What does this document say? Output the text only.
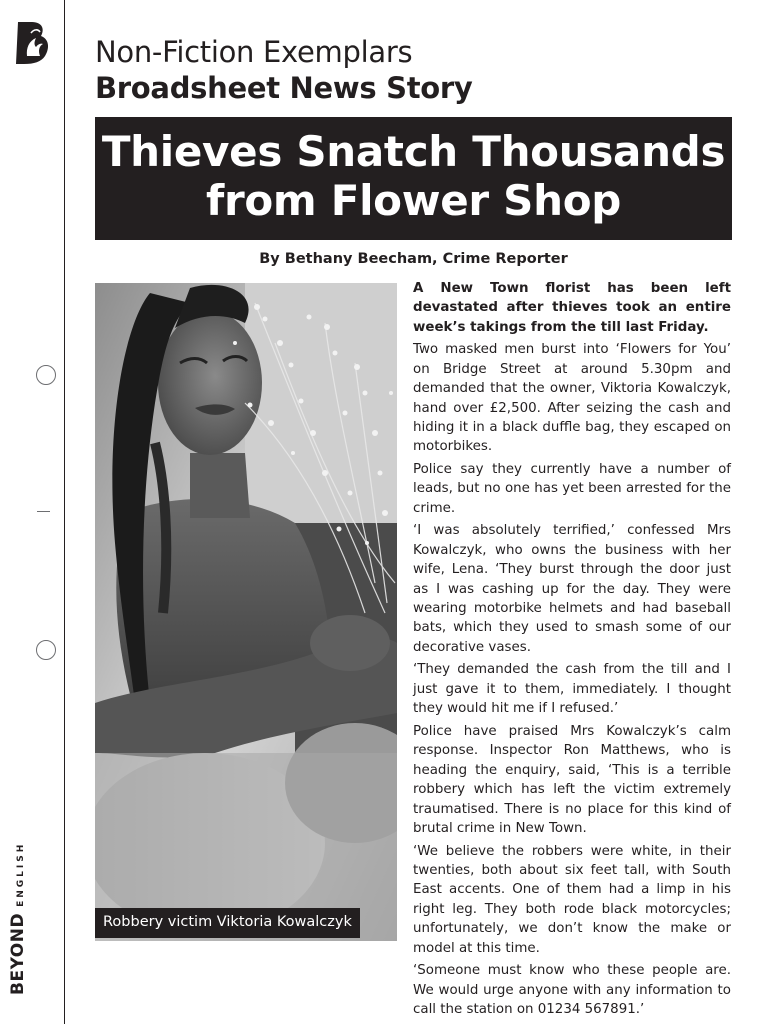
BEYOND
ENGLISH
Non-Fiction Exemplars
Broadsheet News Story
Thieves Snatch Thousands
from Flower Shop
By Bethany Beecham, Crime Reporter
Robbery victim Viktoria Kowalczyk

A New Town florist has been left devastated after thieves took an entire week’s takings from the till last Friday.

Two masked men burst into ‘Flowers for You’ on Bridge Street at around 5.30pm and demanded that the owner, Viktoria Kowalczyk, hand over £2,500. After seizing the cash and hiding it in a black duffle bag, they escaped on motorbikes.

Police say they currently have a number of leads, but no one has yet been arrested for the crime.

‘I was absolutely terrified,’ confessed Mrs Kowalczyk, who owns the business with her wife, Lena. ‘They burst through the door just as I was cashing up for the day. They were wearing motorbike helmets and had baseball bats, which they used to smash some of our decorative vases.

‘They demanded the cash from the till and I just gave it to them, immediately. I thought they would hit me if I refused.’

Police have praised Mrs Kowalczyk’s calm response. Inspector Ron Matthews, who is heading the enquiry, said, ‘This is a terrible robbery which has left the victim extremely traumatised. There is no place for this kind of brutal crime in New Town.

‘We believe the robbers were white, in their twenties, both about six feet tall, with South East accents. One of them had a limp in his right leg. They both rode black motorcycles; unfortunately, we don’t know the make or model at this time.

‘Someone must know who these people are. We would urge anyone with any information to call the station on 01234 567891.’
